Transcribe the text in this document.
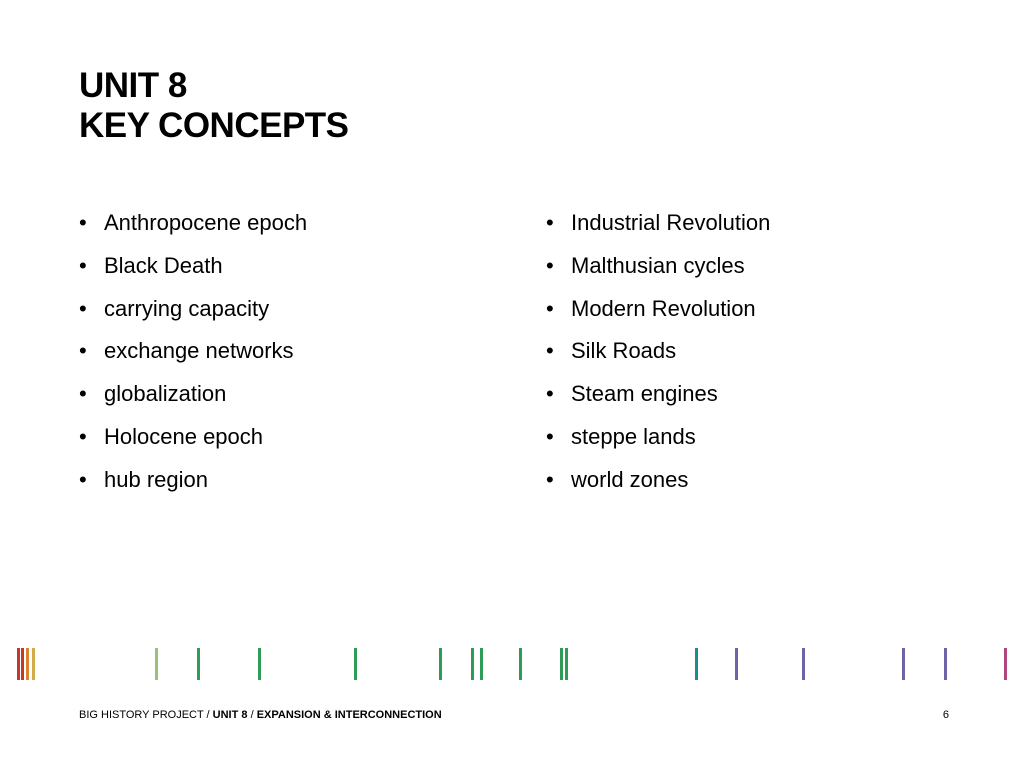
UNIT 8
KEY CONCEPTS
• Anthropocene epoch
• Black Death
• carrying capacity
• exchange networks
• globalization
• Holocene epoch
• hub region
• Industrial Revolution
• Malthusian cycles
• Modern Revolution
• Silk Roads
• Steam engines
• steppe lands
• world zones
BIG HISTORY PROJECT / UNIT 8 / EXPANSION & INTERCONNECTION	6
